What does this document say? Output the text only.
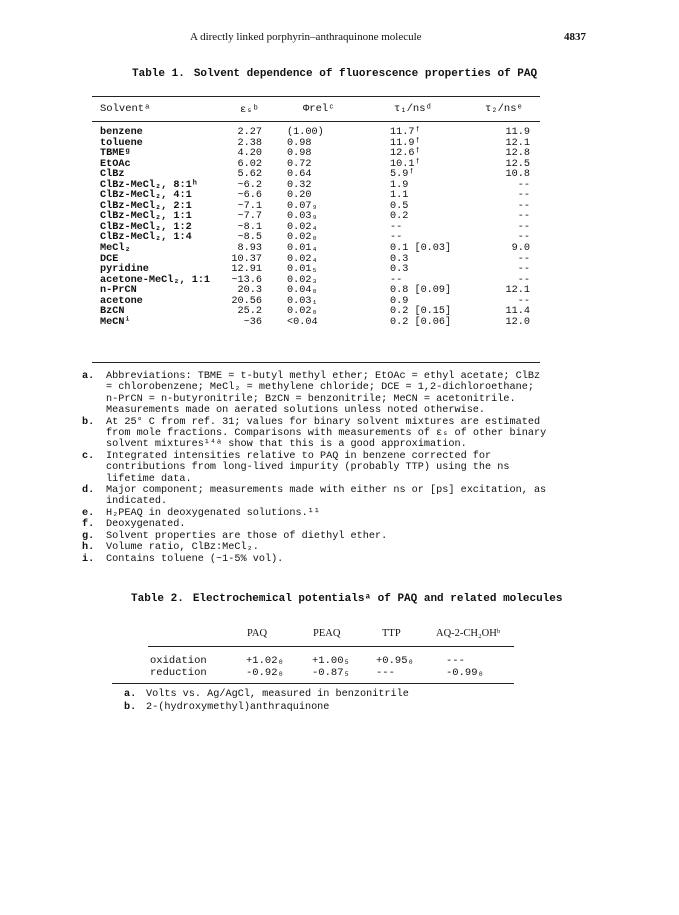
A directly linked porphyrin–anthraquinone molecule	4837
Table 1. Solvent dependence of fluorescence properties of PAQ
Solventᵃ	εₛᵇ	Φrelᶜ	τ₁/nsᵈ	τ₂/nsᵉ
benzene	2.27 (1.00)	11.7ᶠ	11.9
toluene	2.38 0.98	11.9ᶠ	12.1
TBMEᵍ	4.20 0.98	12.6ᶠ	12.8
EtOAc	6.02 0.72	10.1ᶠ	12.5
ClBz	5.62 0.64	5.9ᶠ	10.8
ClBz-MeCl₂, 8:1ʰ	~6.2 0.32	1.9	--
ClBz-MeCl₂, 4:1	~6.6 0.20	1.1	--
ClBz-MeCl₂, 2:1	~7.1 0.07₉	0.5	--
ClBz-MeCl₂, 1:1	~7.7 0.03₉	0.2	--
ClBz-MeCl₂, 1:2	~8.1 0.02₄	--	--
ClBz-MeCl₂, 1:4	~8.5 0.02₀	--	--
MeCl₂	8.93 0.01₄	0.1 [0.03]	9.0
DCE	10.37 0.02₄	0.3	--
pyridine	12.91 0.01₅	0.3	--
acetone-MeCl₂, 1:1	~13.6 0.02₃	--	--
n-PrCN	20.3 0.04₀	0.8 [0.09]	12.1
acetone	20.56 0.03₁	0.9	--
BzCN	25.2 0.02₀	0.2 [0.15]	11.4
MeCNⁱ	~36 <0.04	0.2 [0.06]	12.0
a. Abbreviations: TBME = t-butyl methyl ether; EtOAc = ethyl acetate; ClBz = chlorobenzene; MeCl₂ = methylene chloride; DCE = 1,2-dichloroethane; n-PrCN = n-butyronitrile; BzCN = benzonitrile; MeCN = acetonitrile. Measurements made on aerated solutions unless noted otherwise.
b. At 25° C from ref. 31; values for binary solvent mixtures are estimated from mole fractions. Comparisons with measurements of εₛ of other binary solvent mixtures¹⁴ᵃ show that this is a good approximation.
c. Integrated intensities relative to PAQ in benzene corrected for contributions from long-lived impurity (probably TTP) using the ns lifetime data.
d. Major component; measurements made with either ns or [ps] excitation, as indicated.
e. H₂PEAQ in deoxygenated solutions.¹¹
f. Deoxygenated.
g. Solvent properties are those of diethyl ether.
h. Volume ratio, ClBz:MeCl₂.
i. Contains toluene (~1-5% vol).
Table 2. Electrochemical potentialsᵃ of PAQ and related molecules
PAQ	PEAQ	TTP	AQ-2-CH₂OHᵇ
oxidation	+1.02₀	+1.00₅ +0.95₀	---
reduction	-0.92₀	-0.87₅ ---	-0.99₀
a. Volts vs. Ag/AgCl, measured in benzonitrile
b. 2-(hydroxymethyl)anthraquinone
